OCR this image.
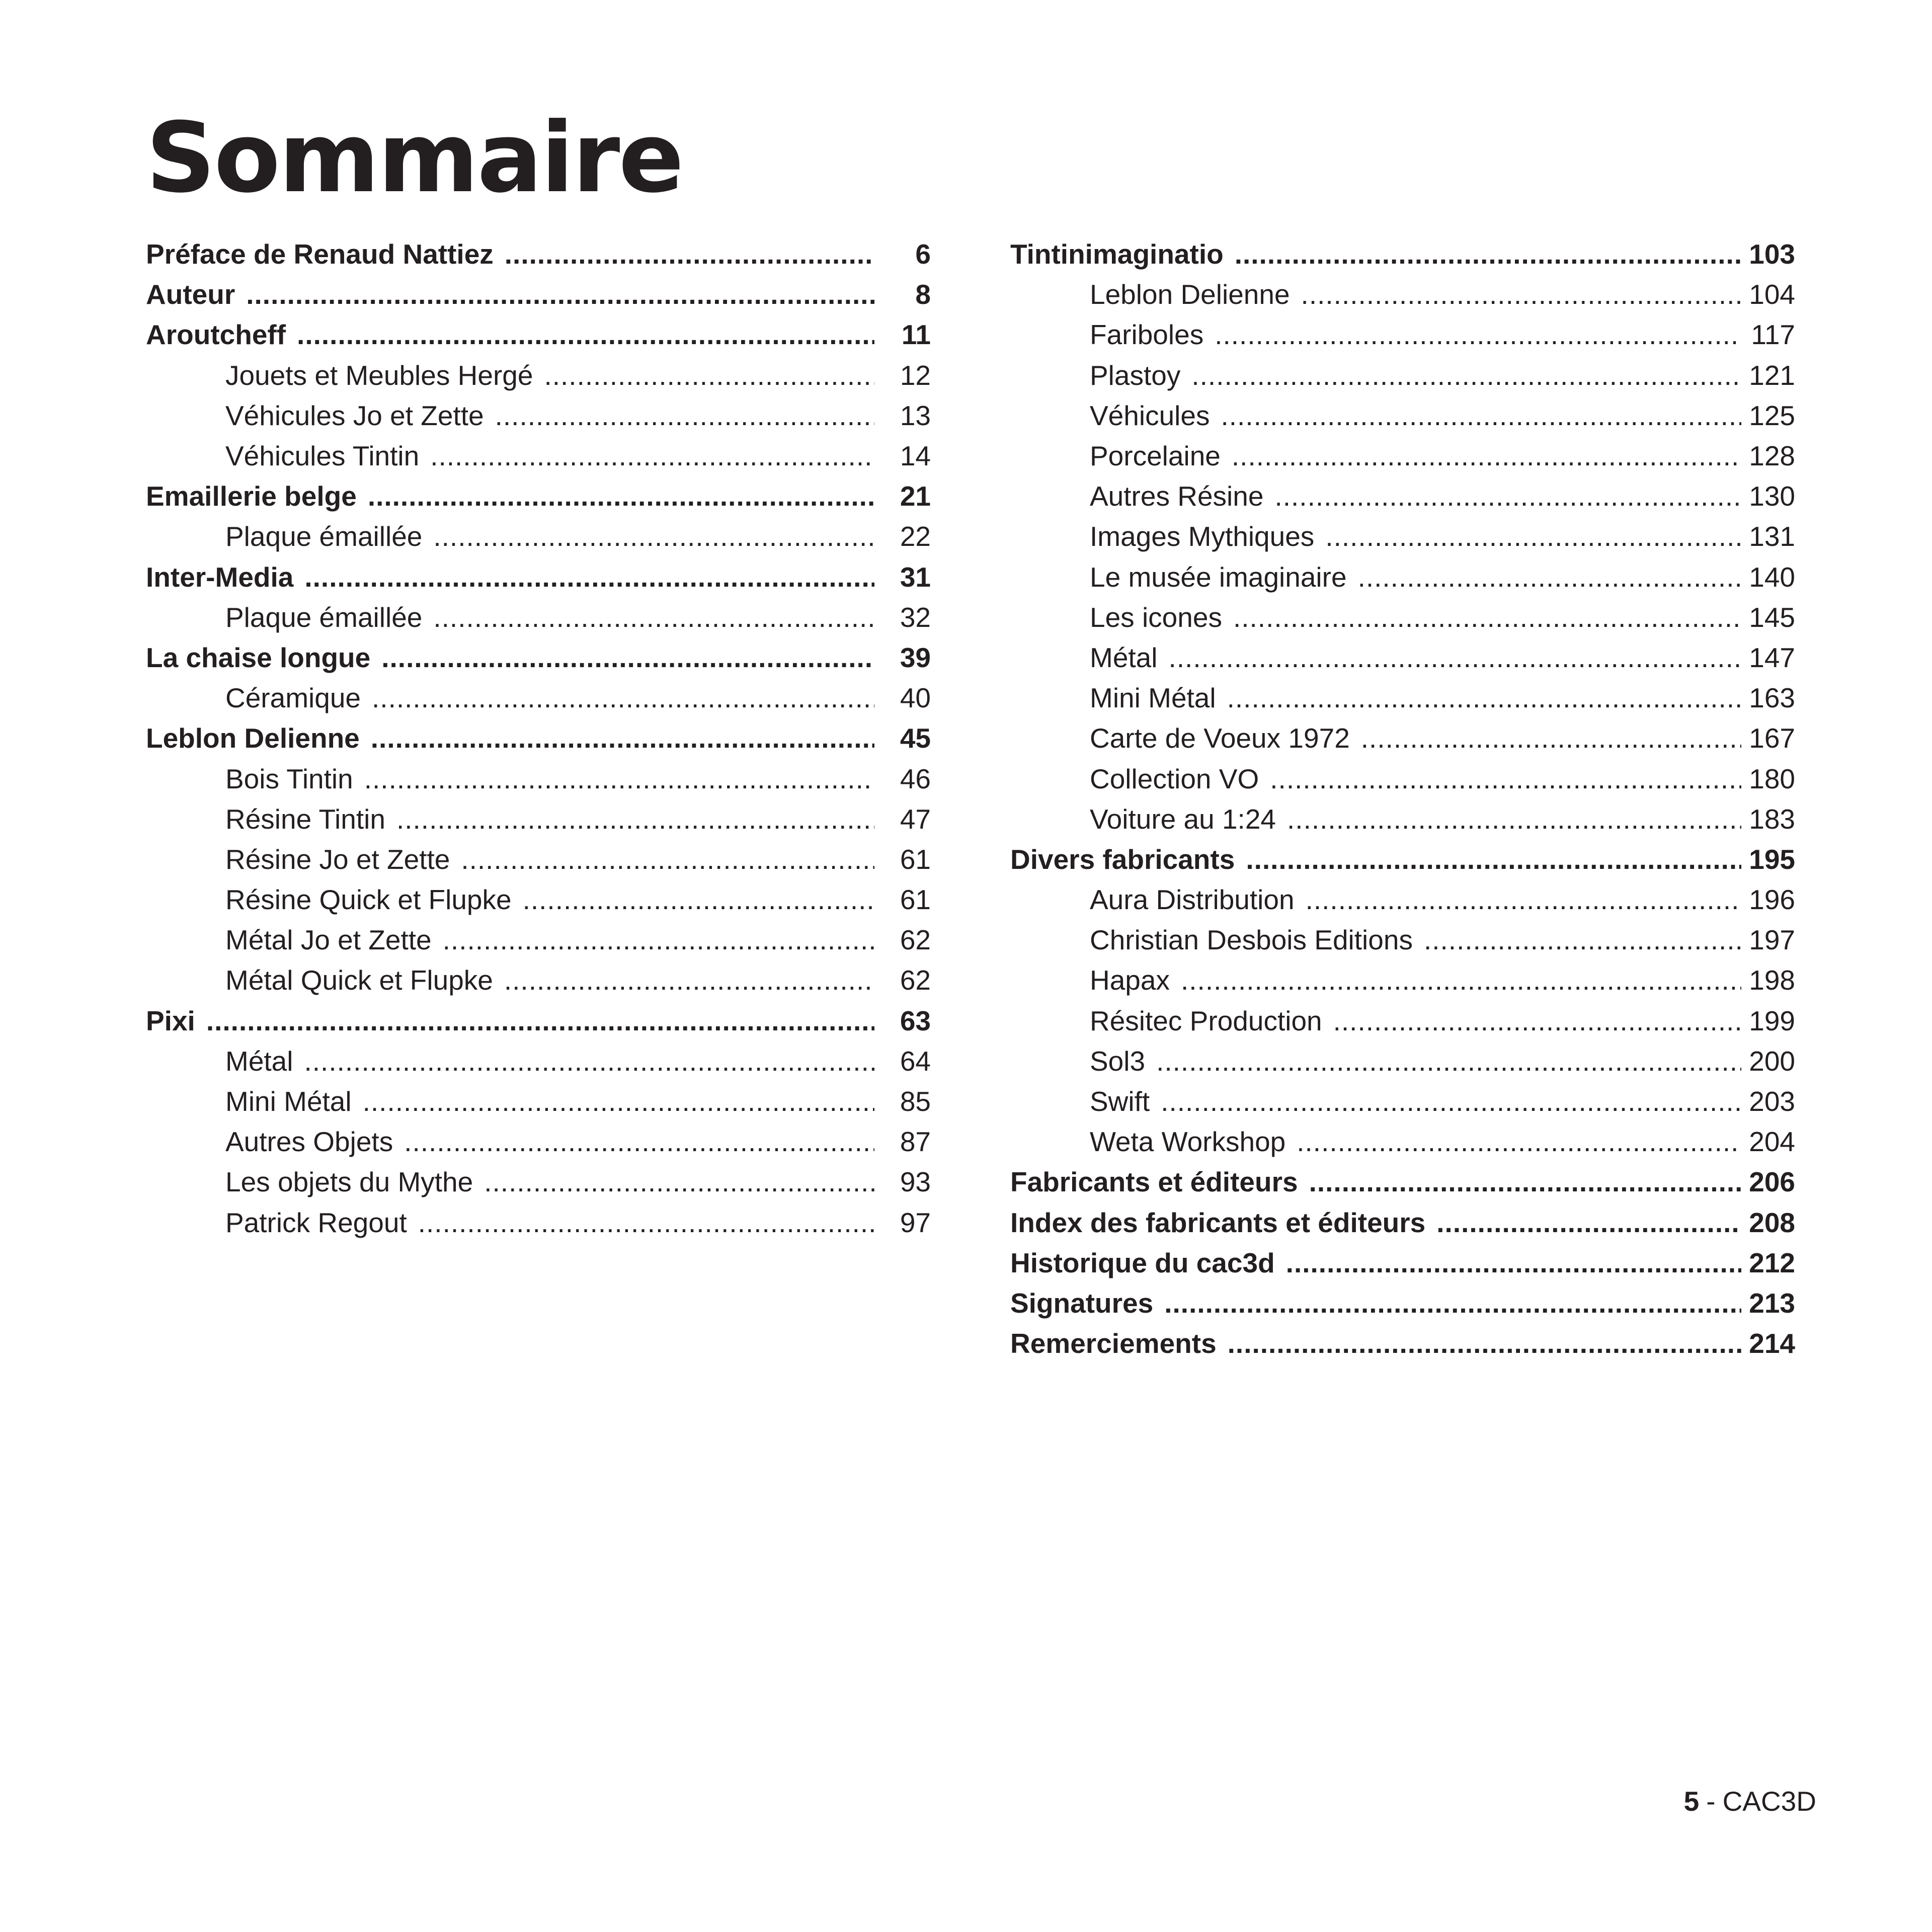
Sommaire
Préface de Renaud Nattiez .....	6
Auteur .....	8
Aroutcheff .....	11
Jouets et Meubles Hergé .....	12
Véhicules Jo et Zette .....	13
Véhicules Tintin .....	14
Emaillerie belge .....	21
Plaque émaillée .....	22
Inter-Media .....	31
Plaque émaillée .....	32
La chaise longue .....	39
Céramique .....	40
Leblon Delienne .....	45
Bois Tintin .....	46
Résine Tintin .....	47
Résine Jo et Zette .....	61
Résine Quick et Flupke .....	61
Métal Jo et Zette .....	62
Métal Quick et Flupke .....	62
Pixi .....	63
Métal .....	64
Mini Métal .....	85
Autres Objets .....	87
Les objets du Mythe .....	93
Patrick Regout .....	97
Tintinimaginatio .....	103
Leblon Delienne .....	104
Fariboles .....	117
Plastoy .....	121
Véhicules .....	125
Porcelaine .....	128
Autres Résine .....	130
Images Mythiques .....	131
Le musée imaginaire .....	140
Les icones .....	145
Métal .....	147
Mini Métal .....	163
Carte de Voeux 1972 .....	167
Collection VO .....	180
Voiture au 1:24 .....	183
Divers fabricants .....	195
Aura Distribution .....	196
Christian Desbois Editions .....	197
Hapax .....	198
Résitec Production .....	199
Sol3 .....	200
Swift .....	203
Weta Workshop .....	204
Fabricants et éditeurs .....	206
Index des fabricants et éditeurs .....	208
Historique du cac3d .....	212
Signatures .....	213
Remerciements .....	214
5 - CAC3D
